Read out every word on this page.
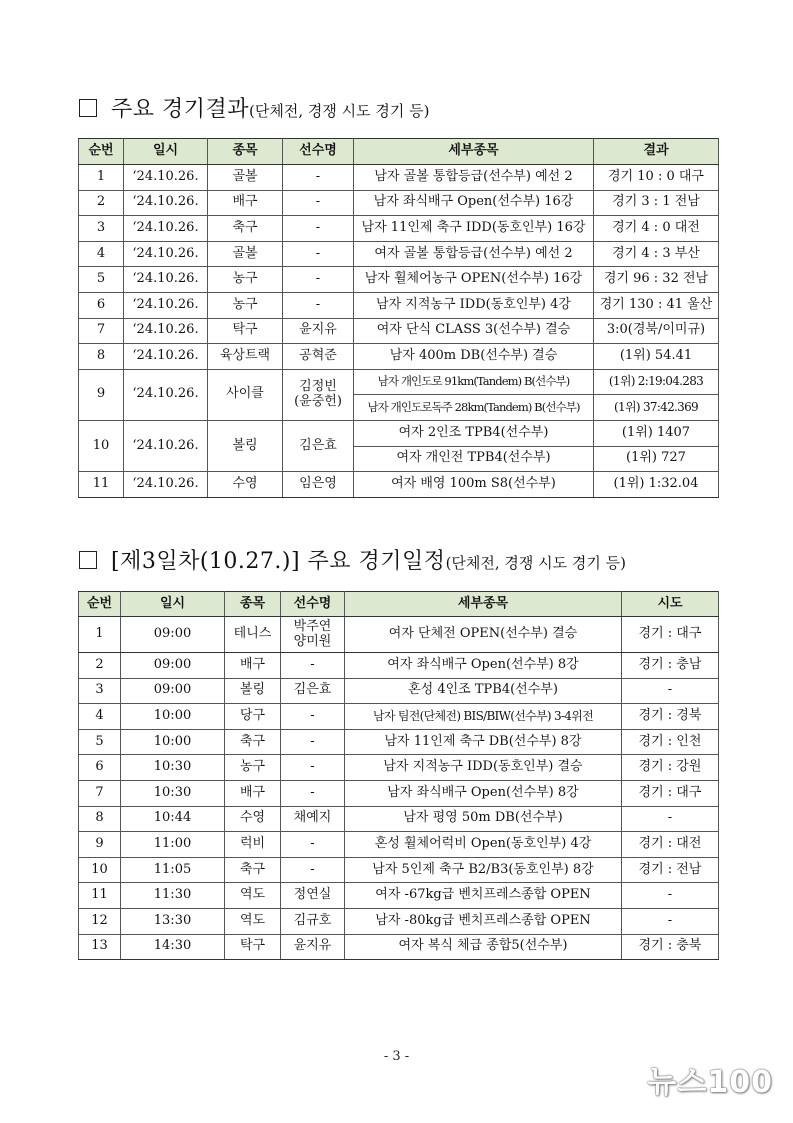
주요 경기결과 (단체전, 경쟁 시도 경기 등)
순번	일시	종목	선수명	세부종목	결과
1	‘24.10.26.	골볼	-	남자 골볼 통합등급(선수부) 예선 2	경기 10 : 0 대구
2	‘24.10.26.	배구	-	남자 좌식배구 Open(선수부) 16강	경기 3 : 1 전남
3	‘24.10.26.	축구	-	남자 11인제 축구 IDD(동호인부) 16강	경기 4 : 0 대전
4	‘24.10.26.	골볼	-	여자 골볼 통합등급(선수부) 예선 2	경기 4 : 3 부산
5	‘24.10.26.	농구	-	남자 휠체어농구 OPEN(선수부) 16강	경기 96 : 32 전남
6	‘24.10.26.	농구	-	남자 지적농구 IDD(동호인부) 4강	경기 130 : 41 울산
7	‘24.10.26.	탁구	윤지유	여자 단식 CLASS 3(선수부) 결승	3:0(경북/이미규)
8	‘24.10.26.	육상트랙	공혁준	남자 400m DB(선수부) 결승	(1위) 54.41
9	‘24.10.26.	사이클	김정빈
(윤중헌)	남자 개인도로 91km(Tandem) B(선수부)	(1위) 2:19:04.283
				남자 개인도로독주 28km(Tandem) B(선수부)	(1위) 37:42.369
10	‘24.10.26.	볼링	김은효	여자 2인조 TPB4(선수부)	(1위) 1407
				여자 개인전 TPB4(선수부)	(1위) 727
11	‘24.10.26.	수영	임은영	여자 배영 100m S8(선수부)	(1위) 1:32.04
[제3일차(10.27.)] 주요 경기일정 (단체전, 경쟁 시도 경기 등)
순번	일시	종목	선수명	세부종목	시도
1	09:00	테니스	박주연
양미원	여자 단체전 OPEN(선수부) 결승	경기 : 대구
2	09:00	배구	-	여자 좌식배구 Open(선수부) 8강	경기 : 충남
3	09:00	볼링	김은효	혼성 4인조 TPB4(선수부)	-
4	10:00	당구	-	남자 팀전(단체전) BIS/BIW(선수부) 3-4위전	경기 : 경북
5	10:00	축구	-	남자 11인제 축구 DB(선수부) 8강	경기 : 인천
6	10:30	농구	-	남자 지적농구 IDD(동호인부) 결승	경기 : 강원
7	10:30	배구	-	남자 좌식배구 Open(선수부) 8강	경기 : 대구
8	10:44	수영	채예지	남자 평영 50m DB(선수부)	-
9	11:00	럭비	-	혼성 휠체어럭비 Open(동호인부) 4강	경기 : 대전
10	11:05	축구	-	남자 5인제 축구 B2/B3(동호인부) 8강	경기 : 전남
11	11:30	역도	정연실	여자 -67kg급 벤치프레스종합 OPEN	-
12	13:30	역도	김규호	남자 -80kg급 벤치프레스종합 OPEN	-
13	14:30	탁구	윤지유	여자 복식 체급 종합5(선수부)	경기 : 충북
- 3 -
뉴스100
